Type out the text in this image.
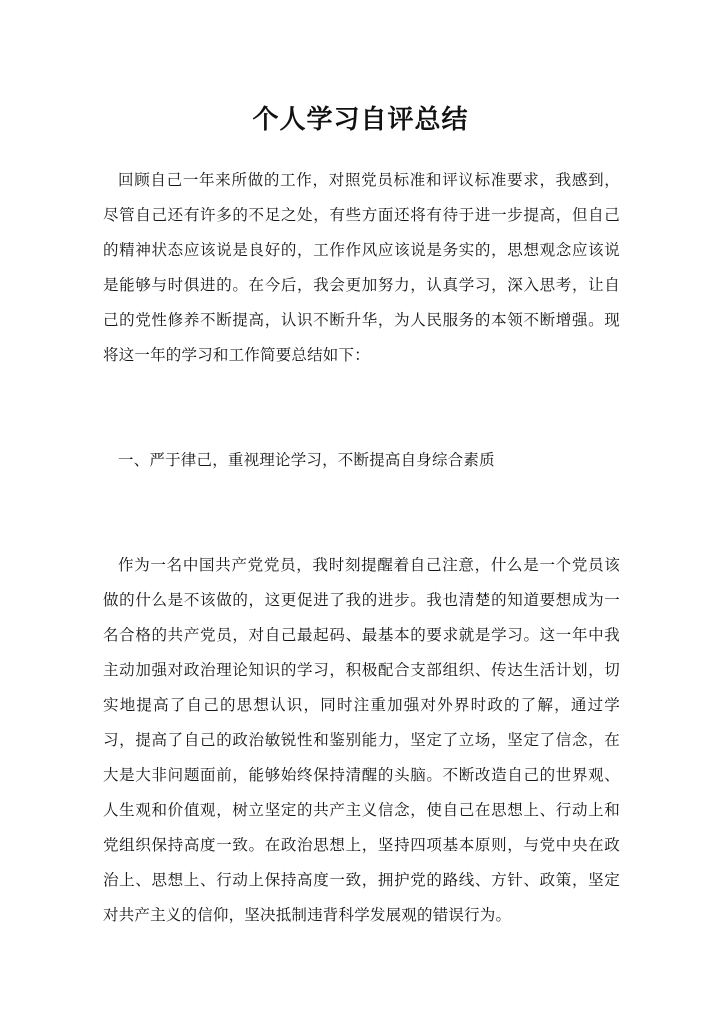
个人学习自评总结

回顾自己一年来所做的工作，对照党员标准和评议标准要求，我感到，尽管自己还有许多的不足之处，有些方面还将有待于进一步提高，但自己的精神状态应该说是良好的，工作作风应该说是务实的，思想观念应该说是能够与时俱进的。在今后，我会更加努力，认真学习，深入思考，让自己的党性修养不断提高，认识不断升华，为人民服务的本领不断增强。现将这一年的学习和工作简要总结如下：

一、严于律己，重视理论学习，不断提高自身综合素质

作为一名中国共产党党员，我时刻提醒着自己注意，什么是一个党员该做的什么是不该做的，这更促进了我的进步。我也清楚的知道要想成为一名合格的共产党员，对自己最起码、最基本的要求就是学习。这一年中我主动加强对政治理论知识的学习，积极配合支部组织、传达生活计划，切实地提高了自己的思想认识，同时注重加强对外界时政的了解，通过学习，提高了自己的政治敏锐性和鉴别能力，坚定了立场，坚定了信念，在大是大非问题面前，能够始终保持清醒的头脑。不断改造自己的世界观、人生观和价值观，树立坚定的共产主义信念，使自己在思想上、行动上和党组织保持高度一致。在政治思想上，坚持四项基本原则，与党中央在政治上、思想上、行动上保持高度一致，拥护党的路线、方针、政策，坚定对共产主义的信仰，坚决抵制违背科学发展观的错误行为。
